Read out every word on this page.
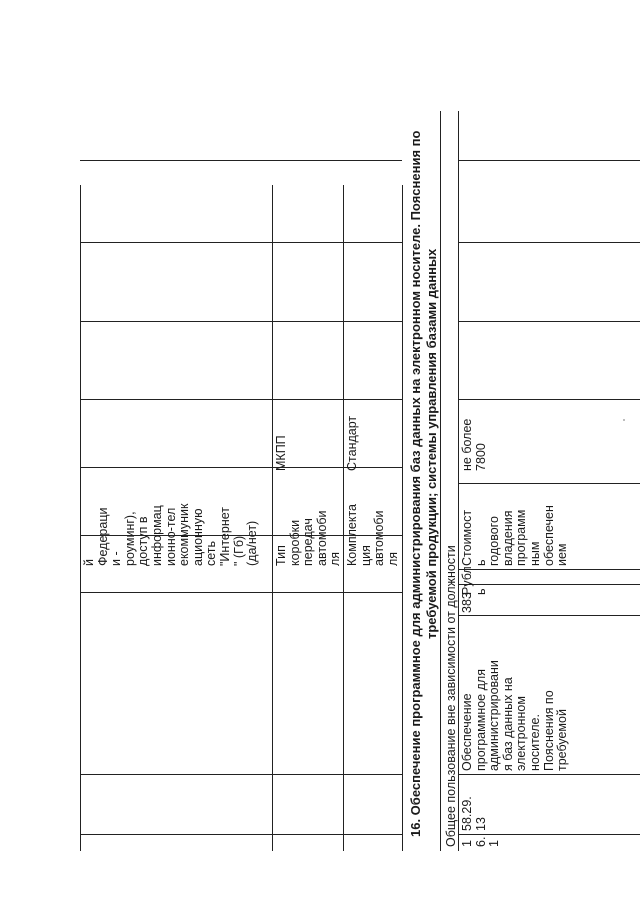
й Федераци и - роуминг), доступ в информац ионно-тел екоммуник ационную сеть "Интернет " (Гб) (да/нет) Тип коробки передач автомоби ля
МКПП
Комплекта ция автомоби ля
Стандарт	16. Обеспечение программное для администрирования баз данных на электронном носителе. Пояснения по требуемой продукции; системы управления базами данных
Общее пользование вне зависимости от должности 1 6. 1
58.29. 13
Обеспечение программное для администрировани я баз данных на электронном носителе. Пояснения по требуемой
383
Рубл ь
Стоимост ь годового владения программ ным обеспечен ием
не более 7800
